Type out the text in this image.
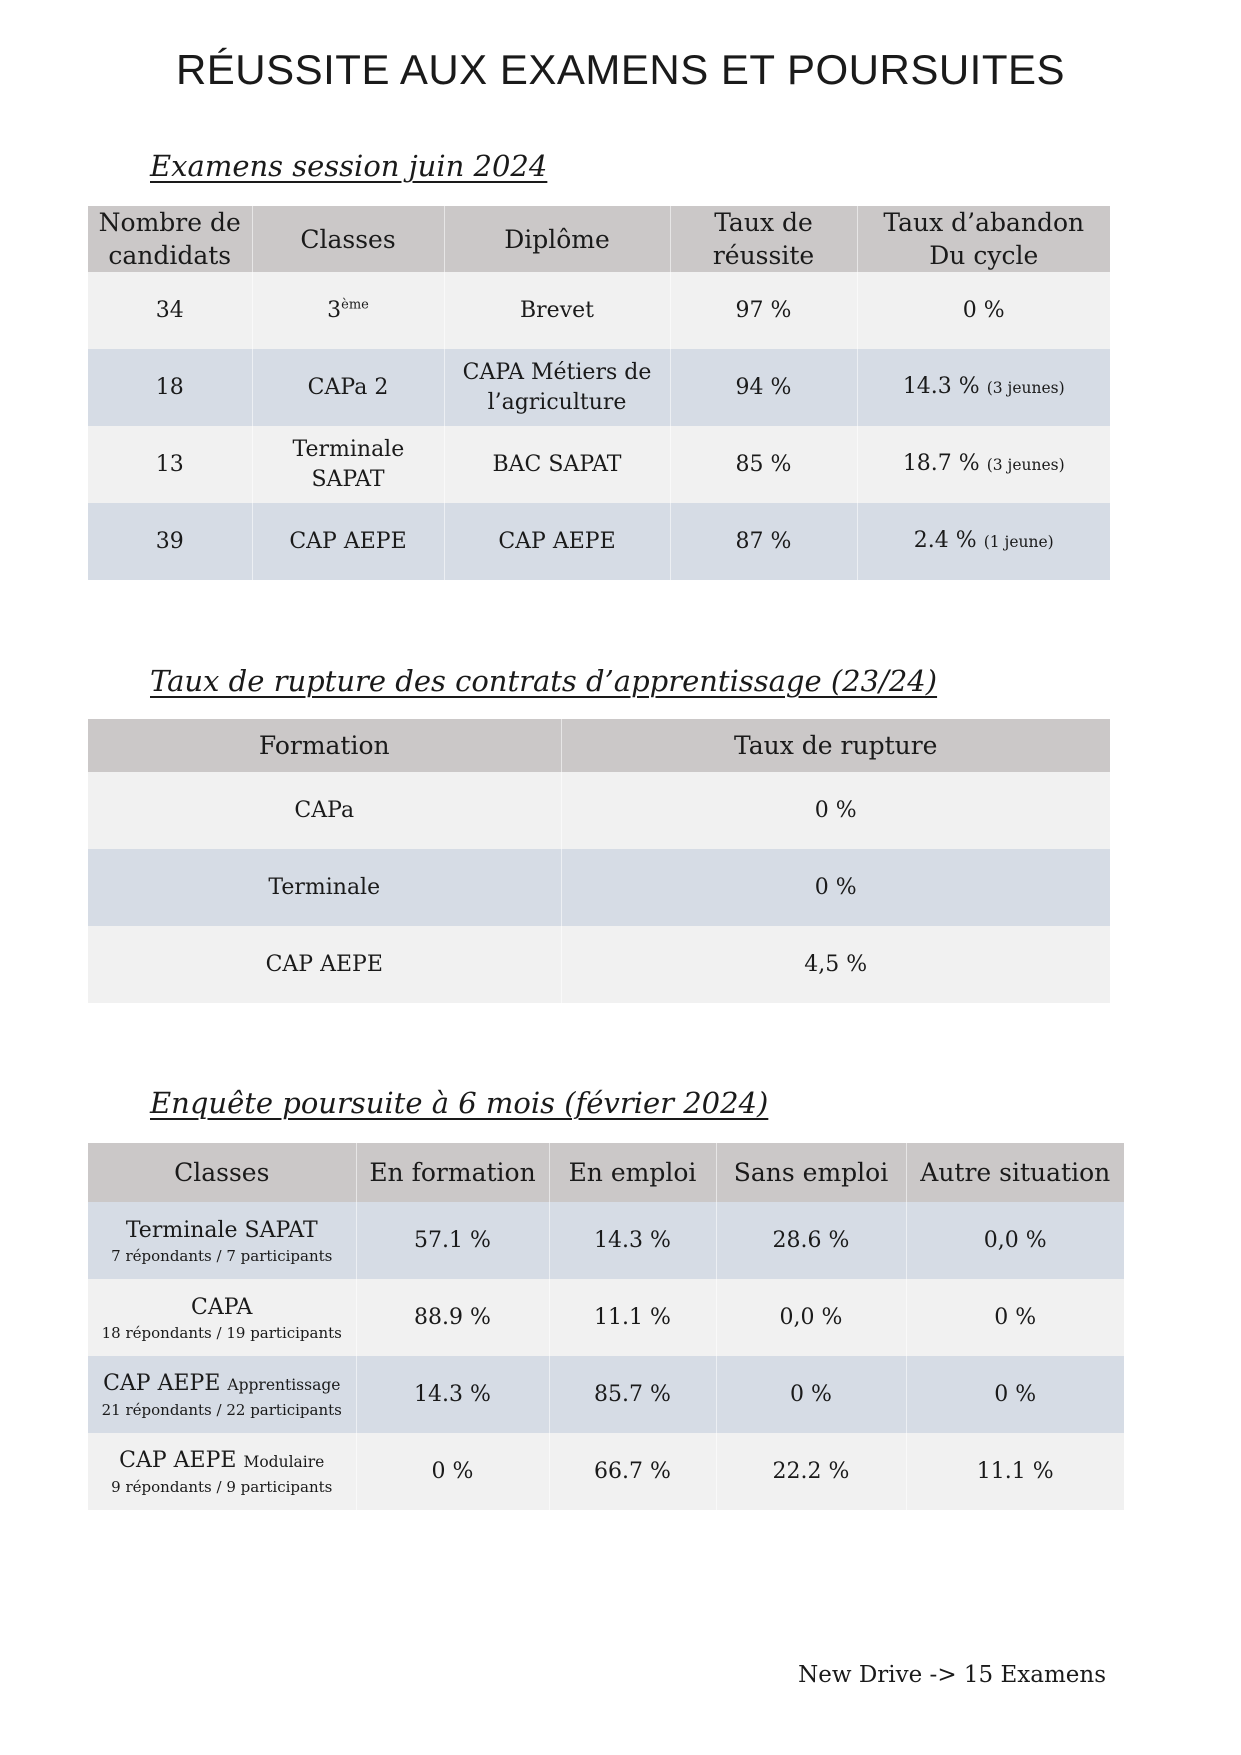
RÉUSSITE AUX EXAMENS ET POURSUITES
Examens session juin 2024
Nombre de candidats	Classes	Diplôme	Taux de réussite	Taux d’abandon Du cycle
34	3ème	Brevet	97 %	0 %
18	CAPa 2	CAPA Métiers de l’agriculture	94 %	14.3 % (3 jeunes)
13	Terminale SAPAT	BAC SAPAT	85 %	18.7 % (3 jeunes)
39	CAP AEPE	CAP AEPE	87 %	2.4 % (1 jeune)
Taux de rupture des contrats d’apprentissage (23/24)
Formation	Taux de rupture
CAPa	0 %
Terminale	0 %
CAP AEPE	4,5 %
Enquête poursuite à 6 mois (février 2024)
Classes	En formation	En emploi	Sans emploi	Autre situation
Terminale SAPAT
7 répondants / 7 participants	57.1 %	14.3 %	28.6 %	0,0 %
CAPA
18 répondants / 19 participants	88.9 %	11.1 %	0,0 %	0 %
CAP AEPE Apprentissage
21 répondants / 22 participants	14.3 %	85.7 %	0 %	0 %
CAP AEPE Modulaire
9 répondants / 9 participants	0 %	66.7 %	22.2 %	11.1 %
New Drive -> 15 Examens
